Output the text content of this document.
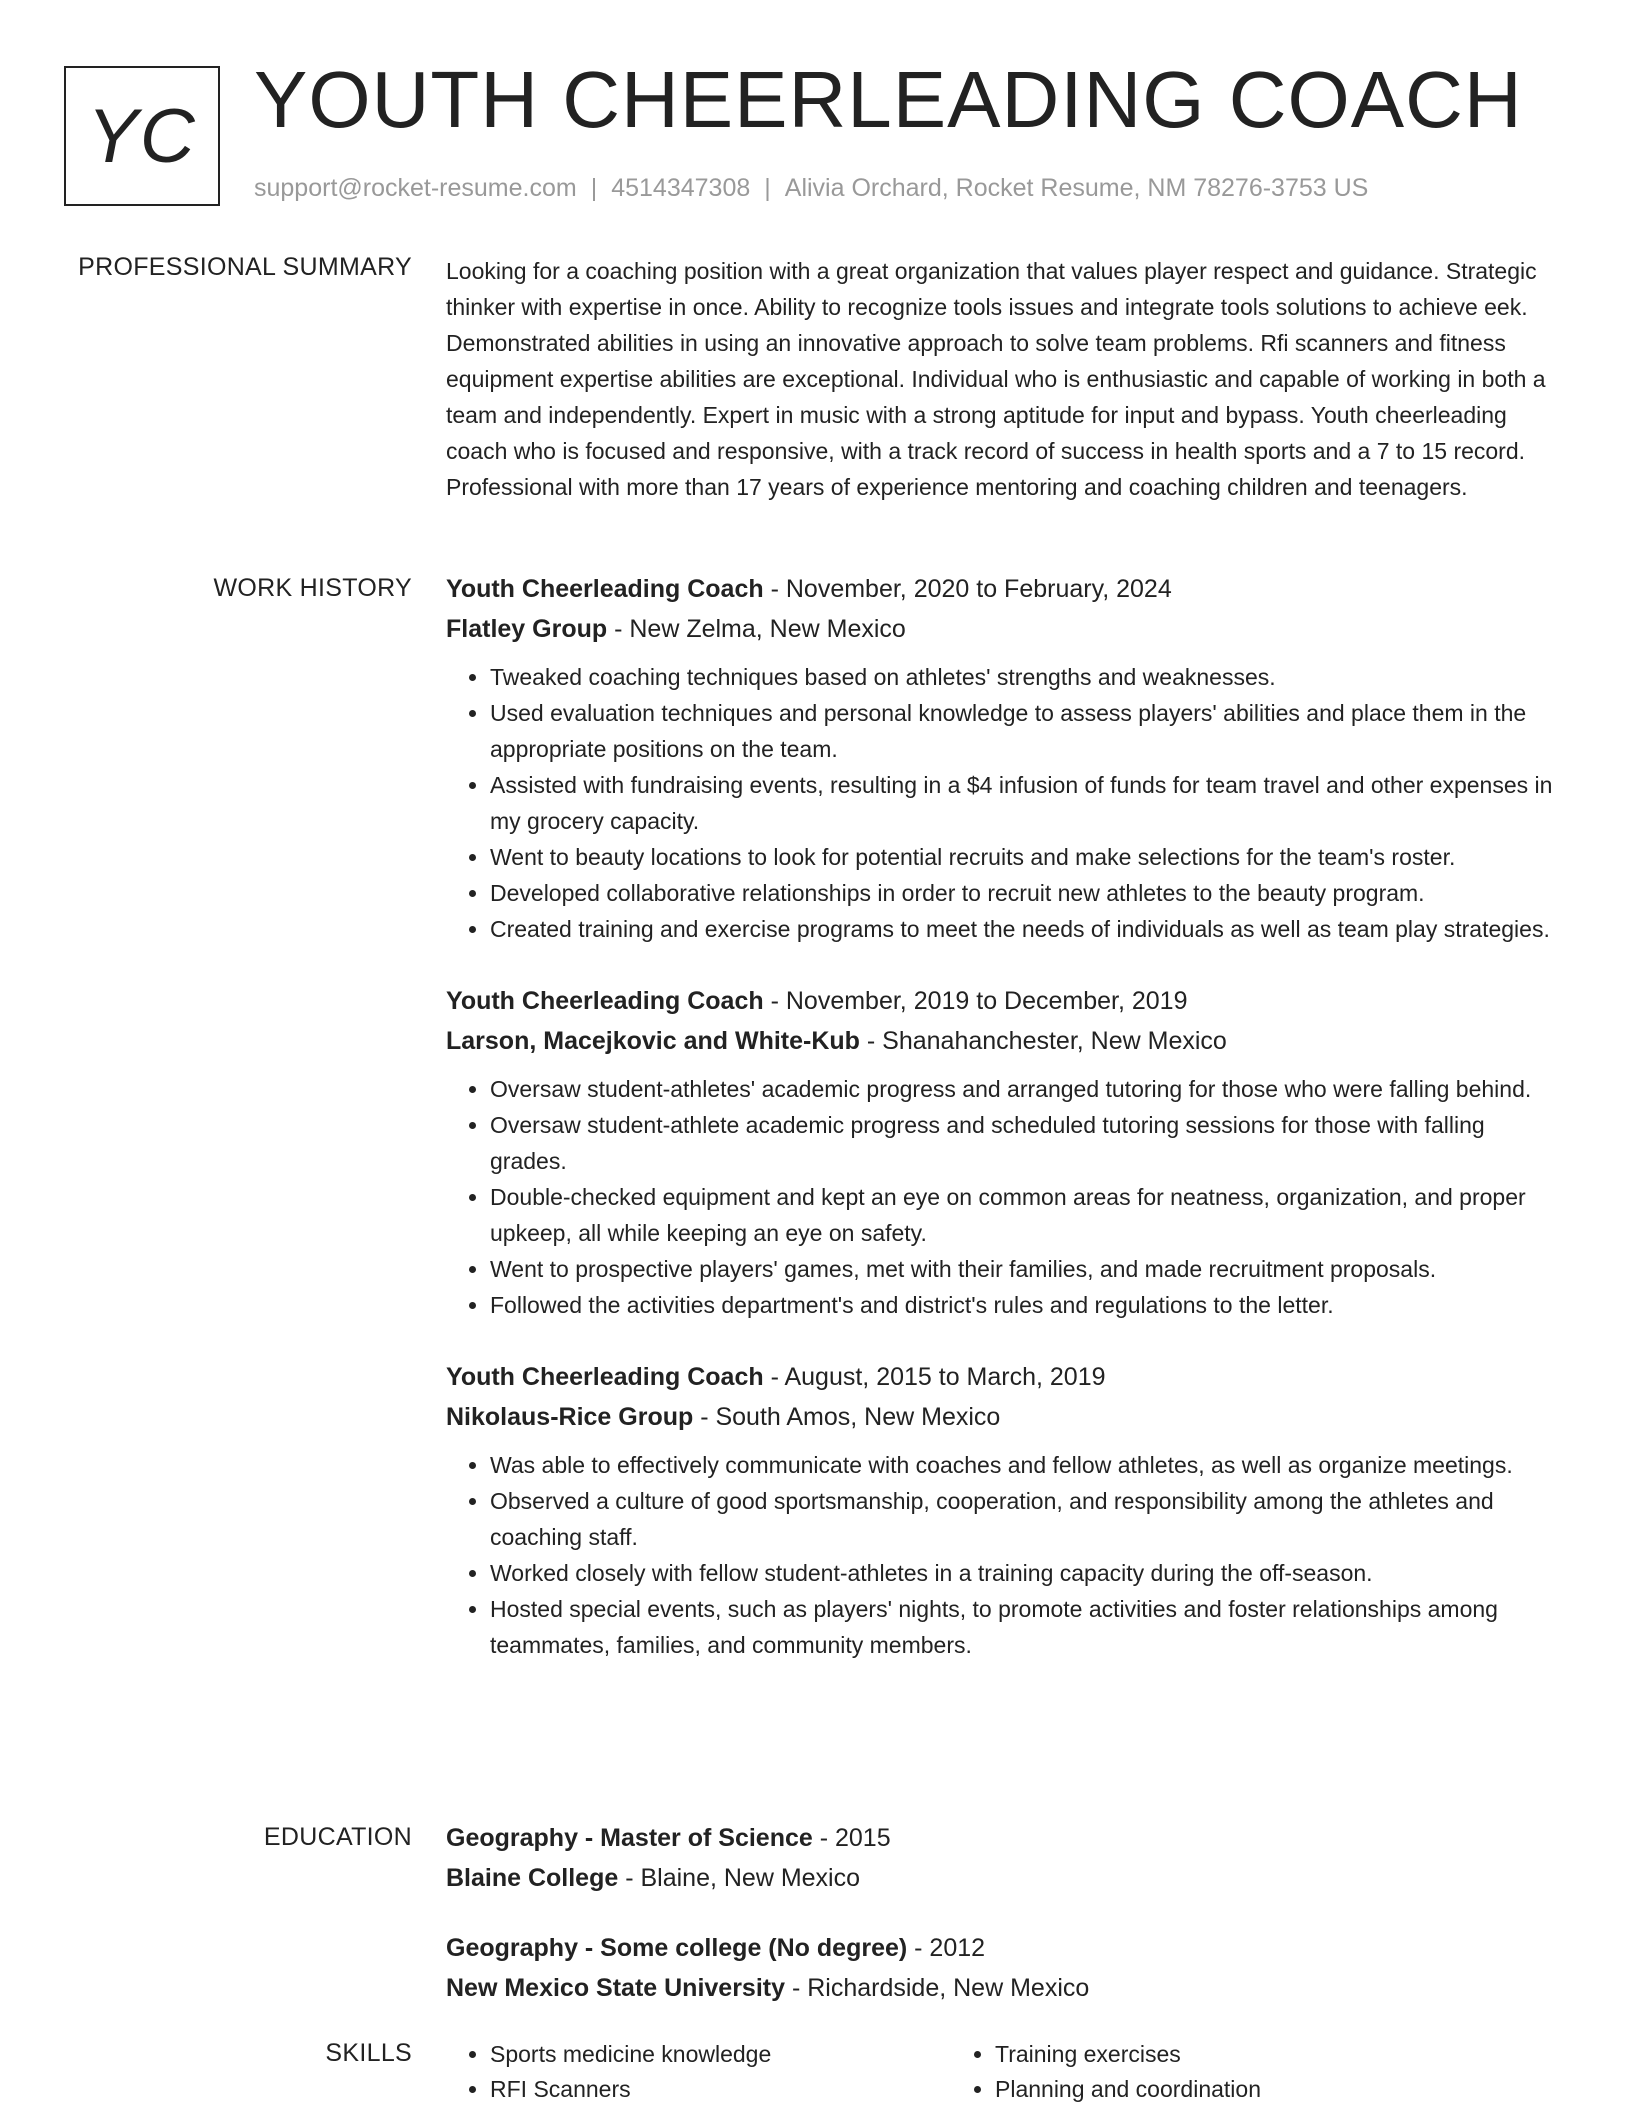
YC YOUTH CHEERLEADING COACH
support@rocket-resume.com | 4514347308 | Alivia Orchard, Rocket Resume, NM 78276-3753 US
PROFESSIONAL SUMMARY Looking for a coaching position with a great organization that values player respect and guidance. Strategic thinker with expertise in once. Ability to recognize tools issues and integrate tools solutions to achieve eek. Demonstrated abilities in using an innovative approach to solve team problems. Rfi scanners and fitness equipment expertise abilities are exceptional. Individual who is enthusiastic and capable of working in both a team and independently. Expert in music with a strong aptitude for input and bypass. Youth cheerleading coach who is focused and responsive, with a track record of success in health sports and a 7 to 15 record. Professional with more than 17 years of experience mentoring and coaching children and teenagers.

WORK HISTORY Youth Cheerleading Coach - November, 2020 to February, 2024
Flatley Group - New Zelma, New Mexico
• Tweaked coaching techniques based on athletes' strengths and weaknesses.
• Used evaluation techniques and personal knowledge to assess players' abilities and place them in the appropriate positions on the team.
• Assisted with fundraising events, resulting in a $4 infusion of funds for team travel and other expenses in my grocery capacity.
• Went to beauty locations to look for potential recruits and make selections for the team's roster.
• Developed collaborative relationships in order to recruit new athletes to the beauty program.
• Created training and exercise programs to meet the needs of individuals as well as team play strategies.
Youth Cheerleading Coach - November, 2019 to December, 2019
Larson, Macejkovic and White-Kub - Shanahanchester, New Mexico
• Oversaw student-athletes' academic progress and arranged tutoring for those who were falling behind.
• Oversaw student-athlete academic progress and scheduled tutoring sessions for those with falling grades.
• Double-checked equipment and kept an eye on common areas for neatness, organization, and proper upkeep, all while keeping an eye on safety.
• Went to prospective players' games, met with their families, and made recruitment proposals.
• Followed the activities department's and district's rules and regulations to the letter.
Youth Cheerleading Coach - August, 2015 to March, 2019
Nikolaus-Rice Group - South Amos, New Mexico
• Was able to effectively communicate with coaches and fellow athletes, as well as organize meetings.
• Observed a culture of good sportsmanship, cooperation, and responsibility among the athletes and coaching staff.
• Worked closely with fellow student-athletes in a training capacity during the off-season.
• Hosted special events, such as players' nights, to promote activities and foster relationships among teammates, families, and community members.
EDUCATION Geography - Master of Science - 2015
Blaine College - Blaine, New Mexico
Geography - Some college (No degree) - 2012
New Mexico State University - Richardside, New Mexico
SKILLS
•	Sports medicine knowledge
• RFI Scanners
• Training exercises
• Planning and coordination
